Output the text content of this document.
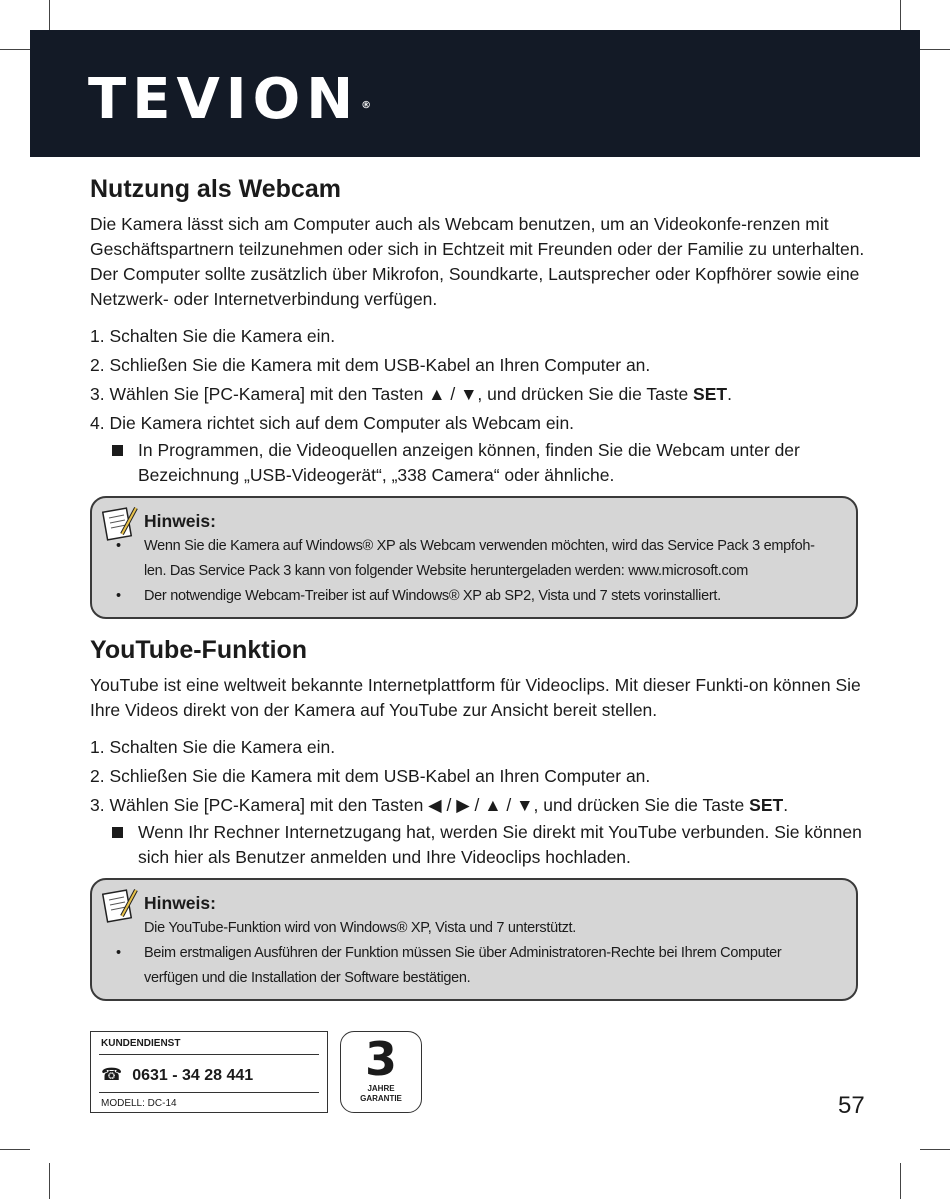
TEVION ®
Nutzung als Webcam

Die Kamera lässt sich am Computer auch als Webcam benutzen, um an Videokonfe-renzen mit Geschäftspartnern teilzunehmen oder sich in Echtzeit mit Freunden oder der Familie zu unterhalten. Der Computer sollte zusätzlich über Mikrofon, Soundkarte, Lautsprecher oder Kopfhörer sowie eine Netzwerk- oder Internetverbindung verfügen.

1. Schalten Sie die Kamera ein.
2. Schließen Sie die Kamera mit dem USB-Kabel an Ihren Computer an.
3. Wählen Sie [PC-Kamera] mit den Tasten ▲ / ▼, und drücken Sie die Taste SET.
4. Die Kamera richtet sich auf dem Computer als Webcam ein.
In Programmen, die Videoquellen anzeigen können, finden Sie die Webcam unter der Bezeichnung „USB-Videogerät“, „338 Camera“ oder ähnliche.
Hinweis:
• Wenn Sie die Kamera auf Windows® XP als Webcam verwenden möchten, wird das Service Pack 3 empfoh-len. Das Service Pack 3 kann von folgender Website heruntergeladen werden: www.microsoft.com
• Der notwendige Webcam-Treiber ist auf Windows® XP ab SP2, Vista und 7 stets vorinstalliert.
YouTube-Funktion

YouTube ist eine weltweit bekannte Internetplattform für Videoclips. Mit dieser Funkti-on können Sie Ihre Videos direkt von der Kamera auf YouTube zur Ansicht bereit stellen.

1. Schalten Sie die Kamera ein.
2. Schließen Sie die Kamera mit dem USB-Kabel an Ihren Computer an.
3. Wählen Sie [PC-Kamera] mit den Tasten ◀ / ▶ / ▲ / ▼, und drücken Sie die Taste SET.
Wenn Ihr Rechner Internetzugang hat, werden Sie direkt mit YouTube verbunden. Sie können sich hier als Benutzer anmelden und Ihre Videoclips hochladen.
Hinweis:
Die YouTube-Funktion wird von Windows® XP, Vista und 7 unterstützt.
• Beim erstmaligen Ausführen der Funktion müssen Sie über Administratoren-Rechte bei Ihrem Computer verfügen und die Installation der Software bestätigen.
KUNDENDIENST
☎ 0631 - 34 28 441
MODELL: DC-14
3
JAHRE
GARANTIE	57
